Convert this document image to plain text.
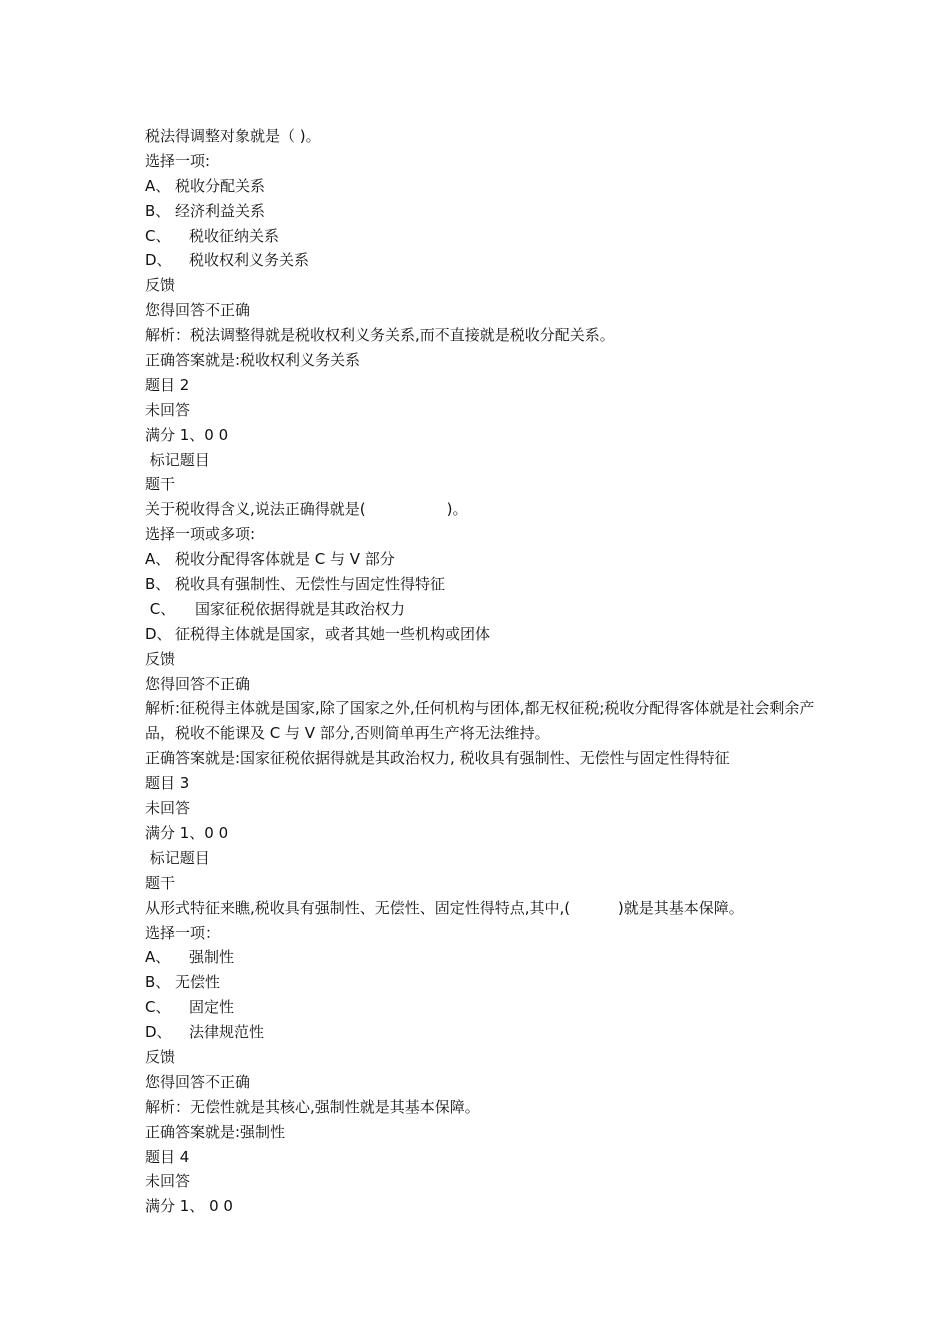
税法得调整对象就是（ )。
选择一项:
A、 税收分配关系
B、 经济利益关系
C、 税收征纳关系
D、 税收权利义务关系
反馈
您得回答不正确
解析：税法调整得就是税收权利义务关系,而不直接就是税收分配关系。
正确答案就是:税收权利义务关系
题目 2
未回答
满分 1、0 0
标记题目
题干
关于税收得含义,说法正确得就是(                 )。
选择一项或多项:
A、 税收分配得客体就是 C 与 V 部分
B、 税收具有强制性、无偿性与固定性得特征
C、 国家征税依据得就是其政治权力
D、 征税得主体就是国家，或者其她一些机构或团体
反馈
您得回答不正确
解析:征税得主体就是国家,除了国家之外,任何机构与团体,都无权征税;税收分配得客体就是社会剩余产品，税收不能课及 C 与 V 部分,否则简单再生产将无法维持。
正确答案就是:国家征税依据得就是其政治权力, 税收具有强制性、无偿性与固定性得特征
题目 3
未回答
满分 1、0 0
标记题目
题干
从形式特征来瞧,税收具有强制性、无偿性、固定性得特点,其中,(          )就是其基本保障。
选择一项：
A、 强制性
B、 无偿性
C、 固定性
D、 法律规范性
反馈
您得回答不正确
解析：无偿性就是其核心,强制性就是其基本保障。
正确答案就是:强制性
题目 4
未回答
满分 1、 0 0
